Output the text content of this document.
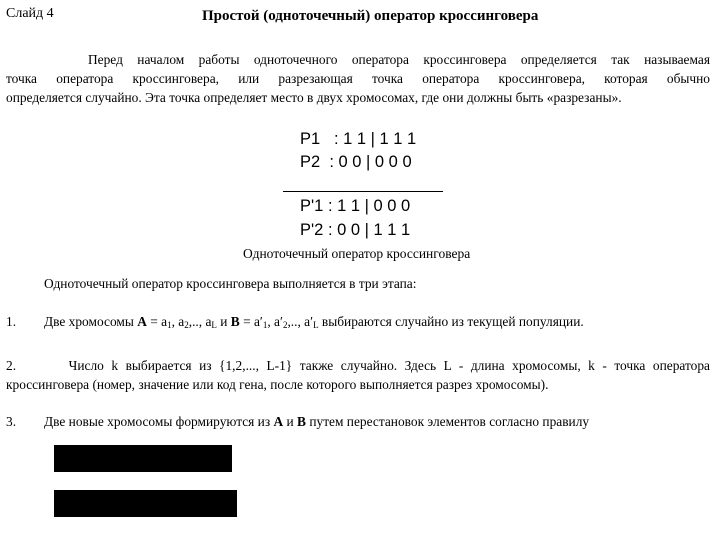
Слайд 4	Простой (одноточечный) оператор кроссинговера
Перед началом работы одноточечного оператора кроссинговера определяется так называемая
точка оператора кроссинговера, или разрезающая точка оператора кроссинговера, которая обычно
определяется случайно. Эта точка определяет место в двух хромосомах, где они должны быть «разрезаны».
P1 : 1 1 | 1 1 1
P2 : 0 0 | 0 0 0
P'1 : 1 1 | 0 0 0
P'2 : 0 0 | 1 1 1
Одноточечный оператор кроссинговера
Одноточечный оператор кроссинговера выполняется в три этапа:
1. Две хромосомы $A = a_1$, $a_2$,.., $a_L$ и $B = a'_1$, $a'_2$,.., $a'_L$ выбираются случайно из текущей популяции.
2.	Число k выбирается из {1,2,..., L-1} также случайно. Здесь L - длина хромосомы, k - точка оператора
кроссинговера (номер, значение или код гена, после которого выполняется разрез хромосомы).
3. Две новые хромосомы формируются из A и B путем перестановок элементов согласно правилу
